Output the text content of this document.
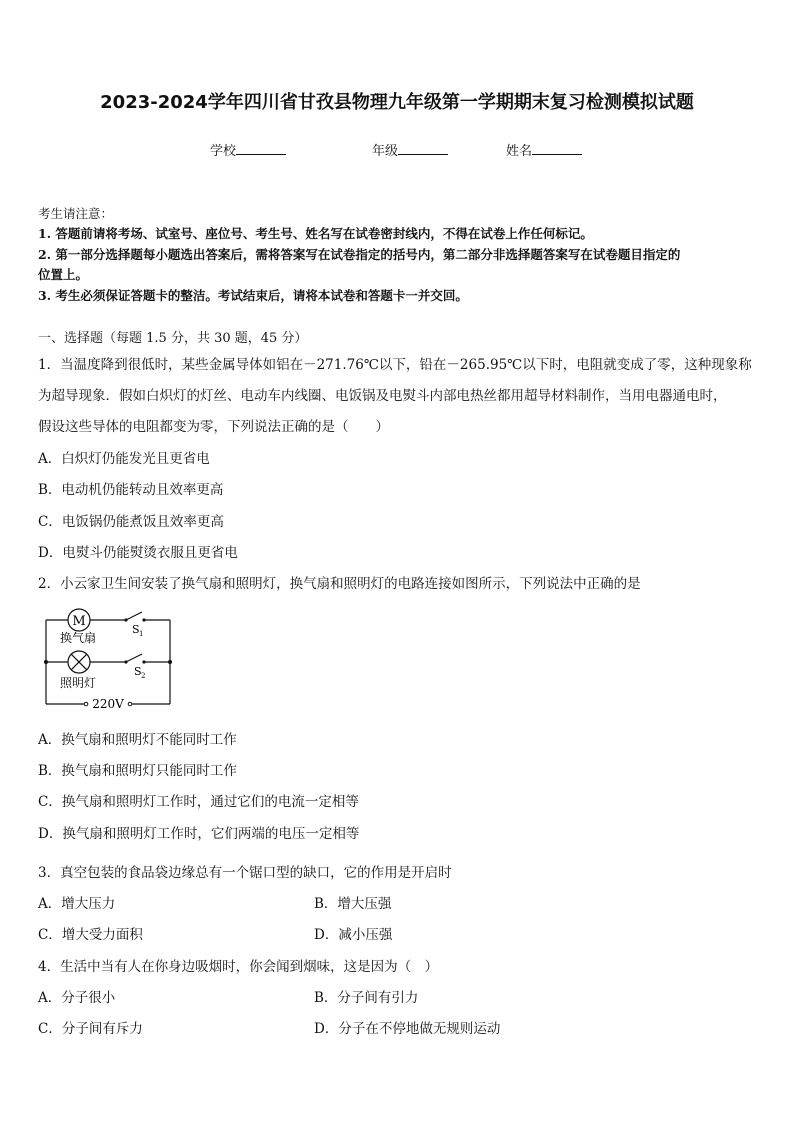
2023-2024学年四川省甘孜县物理九年级第一学期期末复习检测模拟试题
学校	年级	姓名
考生请注意：
1. 答题前请将考场、试室号、座位号、考生号、姓名写在试卷密封线内，不得在试卷上作任何标记。
2. 第一部分选择题每小题选出答案后，需将答案写在试卷指定的括号内，第二部分非选择题答案写在试卷题目指定的
位置上。
3. 考生必须保证答题卡的整洁。考试结束后，请将本试卷和答题卡一并交回。
一、选择题（每题 1.5 分，共 30 题，45 分）
1．当温度降到很低时，某些金属导体如铝在－271.76℃以下，铅在－265.95℃以下时，电阻就变成了零，这种现象称
为超导现象．假如白炽灯的灯丝、电动车内线圈、电饭锅及电熨斗内部电热丝都用超导材料制作，当用电器通电时，
假设这些导体的电阻都变为零，下列说法正确的是（　　）
A．白炽灯仍能发光且更省电
B．电动机仍能转动且效率更高
C．电饭锅仍能煮饭且效率更高
D．电熨斗仍能熨烫衣服且更省电
2．小云家卫生间安装了换气扇和照明灯，换气扇和照明灯的电路连接如图所示，下列说法中正确的是
M
换气扇
照明灯
S 1
S 2
220V
A．换气扇和照明灯不能同时工作
B．换气扇和照明灯只能同时工作
C．换气扇和照明灯工作时，通过它们的电流一定相等
D．换气扇和照明灯工作时，它们两端的电压一定相等
3．真空包装的食品袋边缘总有一个锯口型的缺口，它的作用是开启时
A．增大压力	B．增大压强
C．增大受力面积	D．减小压强
4．生活中当有人在你身边吸烟时，你会闻到烟味，这是因为（　）
A．分子很小	B．分子间有引力
C．分子间有斥力	D．分子在不停地做无规则运动
